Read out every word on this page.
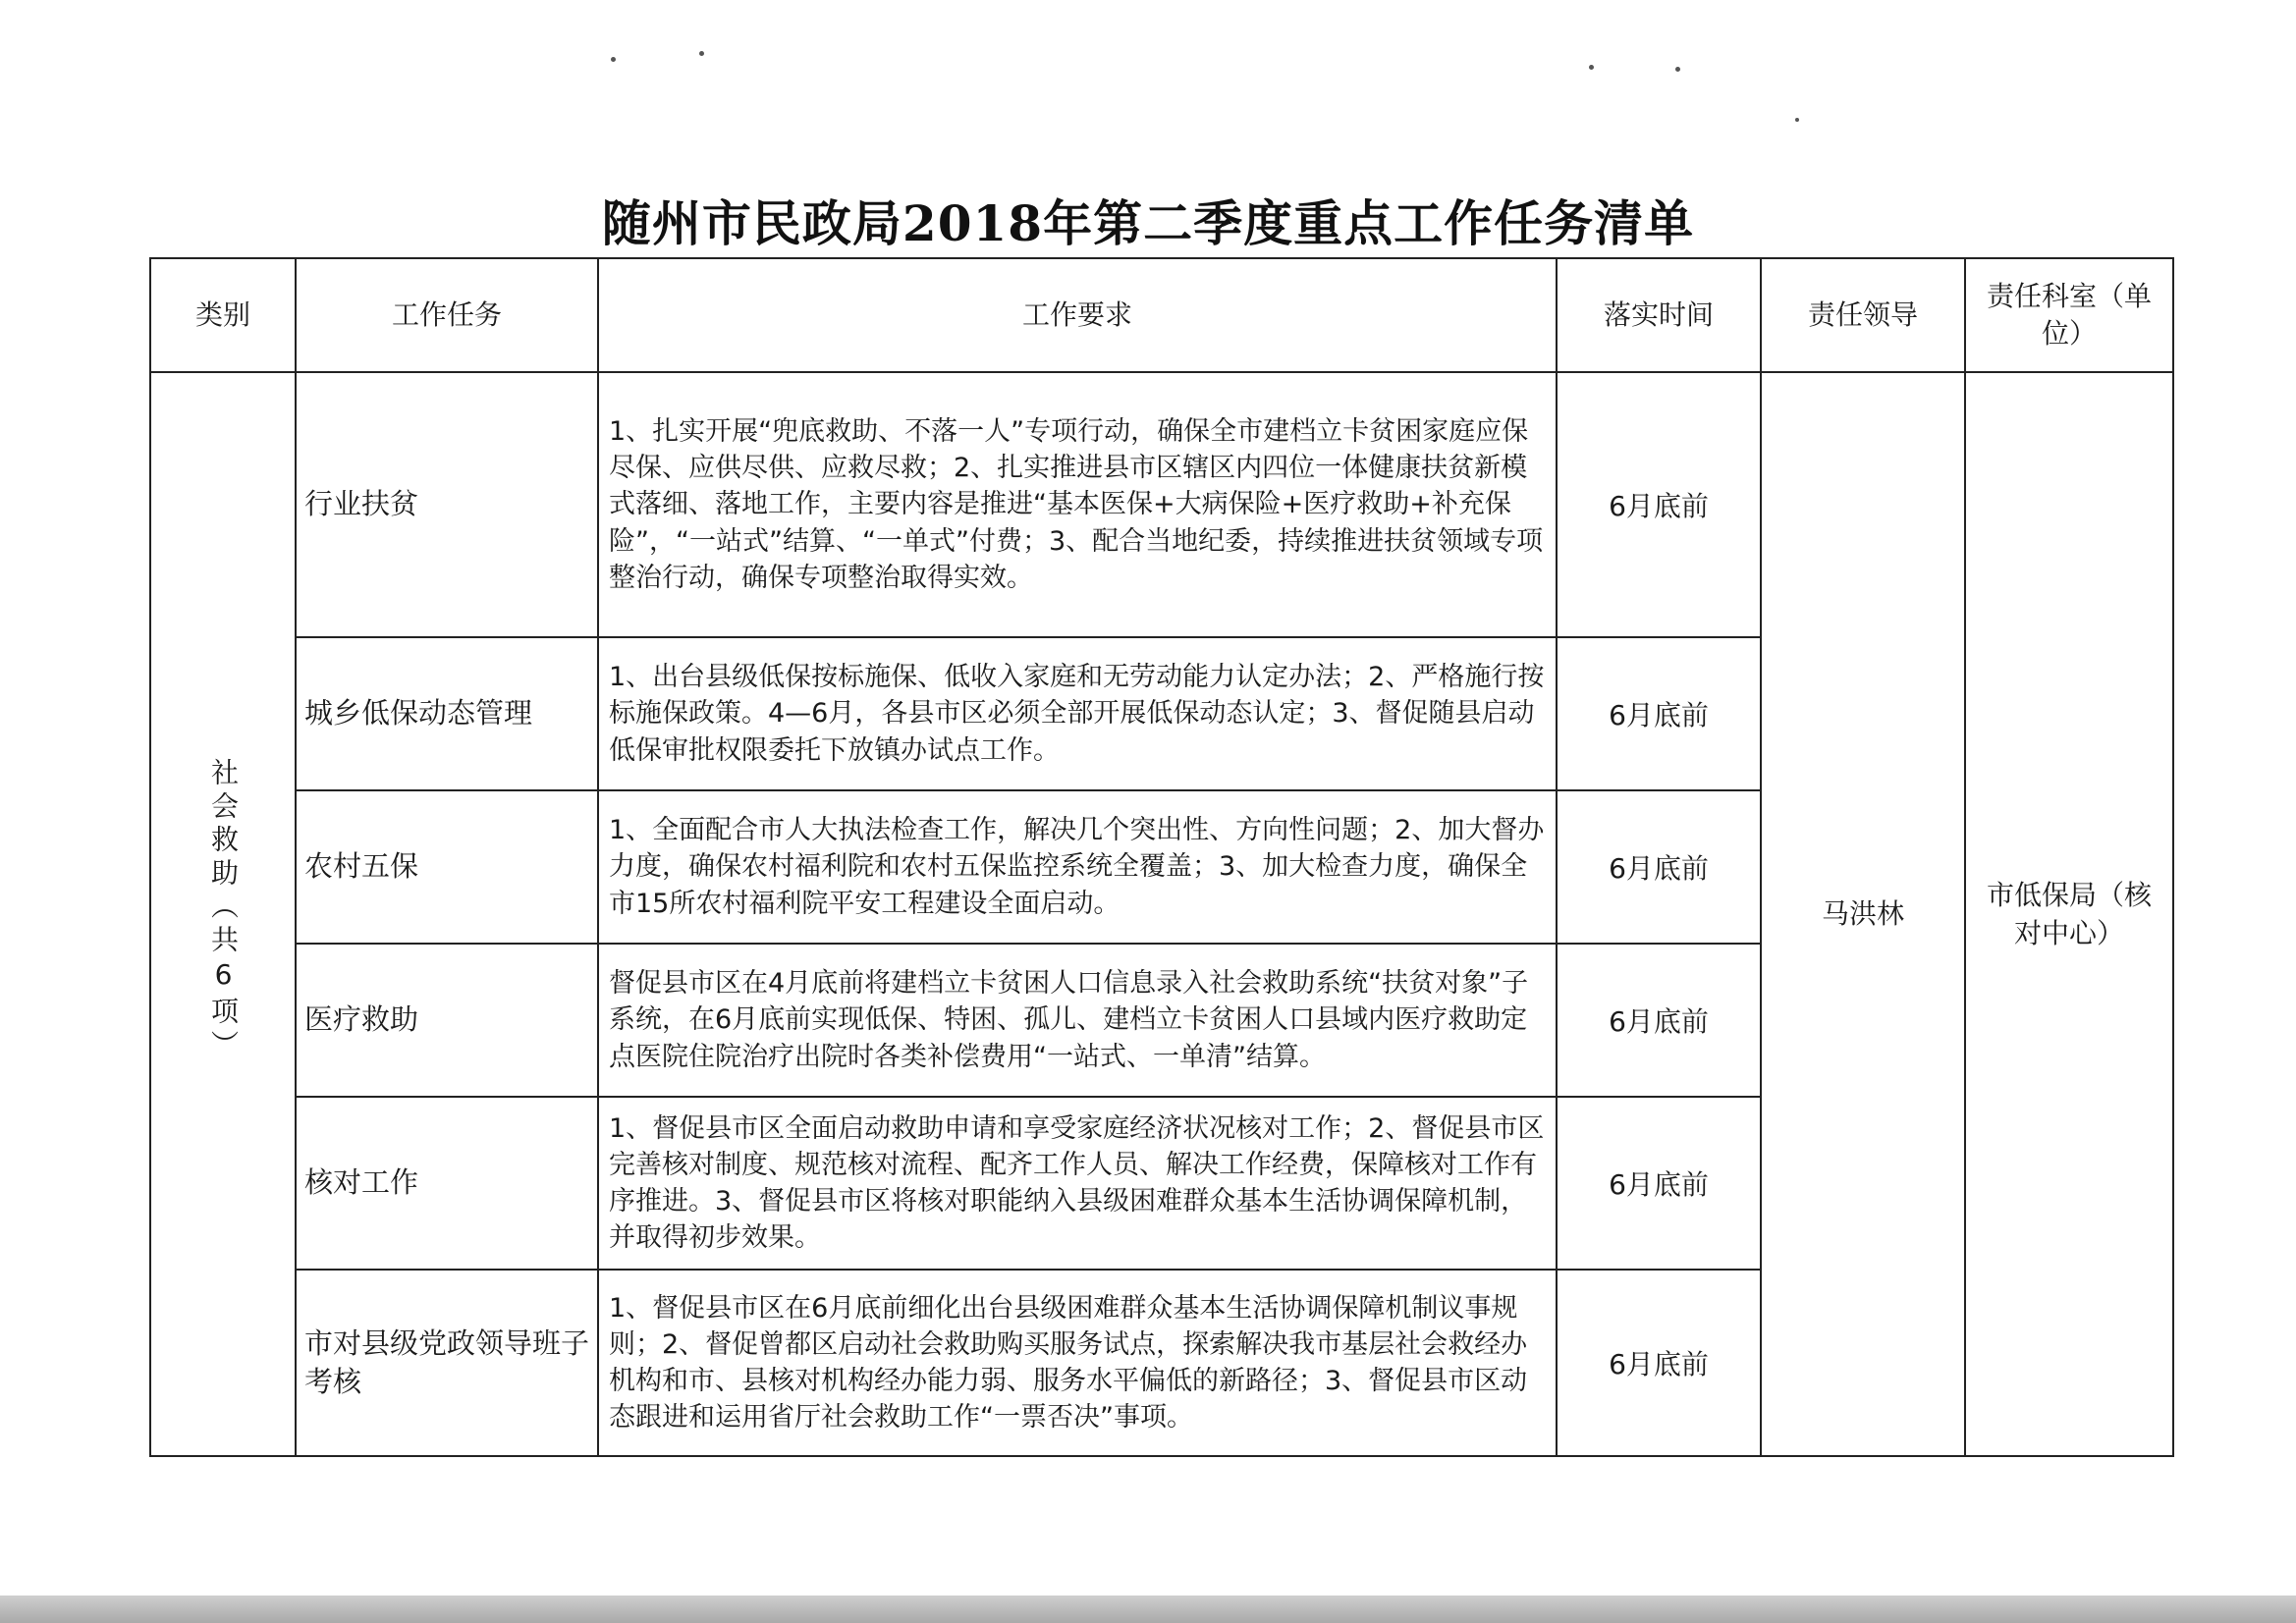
随州市民政局2018年第二季度重点工作任务清单
类别	工作任务	工作要求	落实时间	责任领导	责任科室（单位）
社会救助（共6项）	行业扶贫	1、扎实开展“兜底救助、不落一人”专项行动，确保全市建档立卡贫困家庭应保尽保、应供尽供、应救尽救；2、扎实推进县市区辖区内四位一体健康扶贫新模式落细、落地工作，主要内容是推进“基本医保+大病保险+医疗救助+补充保险”，“一站式”结算、“一单式”付费；3、配合当地纪委，持续推进扶贫领域专项整治行动，确保专项整治取得实效。	6月底前	马洪林	市低保局（核对中心）
	城乡低保动态管理	1、出台县级低保按标施保、低收入家庭和无劳动能力认定办法；2、严格施行按标施保政策。4—6月，各县市区必须全部开展低保动态认定；3、督促随县启动低保审批权限委托下放镇办试点工作。	6月底前		
	农村五保	1、全面配合市人大执法检查工作，解决几个突出性、方向性问题；2、加大督办力度，确保农村福利院和农村五保监控系统全覆盖；3、加大检查力度，确保全市15所农村福利院平安工程建设全面启动。	6月底前		
	医疗救助	督促县市区在4月底前将建档立卡贫困人口信息录入社会救助系统“扶贫对象”子系统，在6月底前实现低保、特困、孤儿、建档立卡贫困人口县域内医疗救助定点医院住院治疗出院时各类补偿费用“一站式、一单清”结算。	6月底前		
	核对工作	1、督促县市区全面启动救助申请和享受家庭经济状况核对工作；2、督促县市区完善核对制度、规范核对流程、配齐工作人员、解决工作经费，保障核对工作有序推进。3、督促县市区将核对职能纳入县级困难群众基本生活协调保障机制，并取得初步效果。	6月底前		
	市对县级党政领导班子考核	1、督促县市区在6月底前细化出台县级困难群众基本生活协调保障机制议事规则；2、督促曾都区启动社会救助购买服务试点，探索解决我市基层社会救经办机构和市、县核对机构经办能力弱、服务水平偏低的新路径；3、督促县市区动态跟进和运用省厅社会救助工作“一票否决”事项。	6月底前		
